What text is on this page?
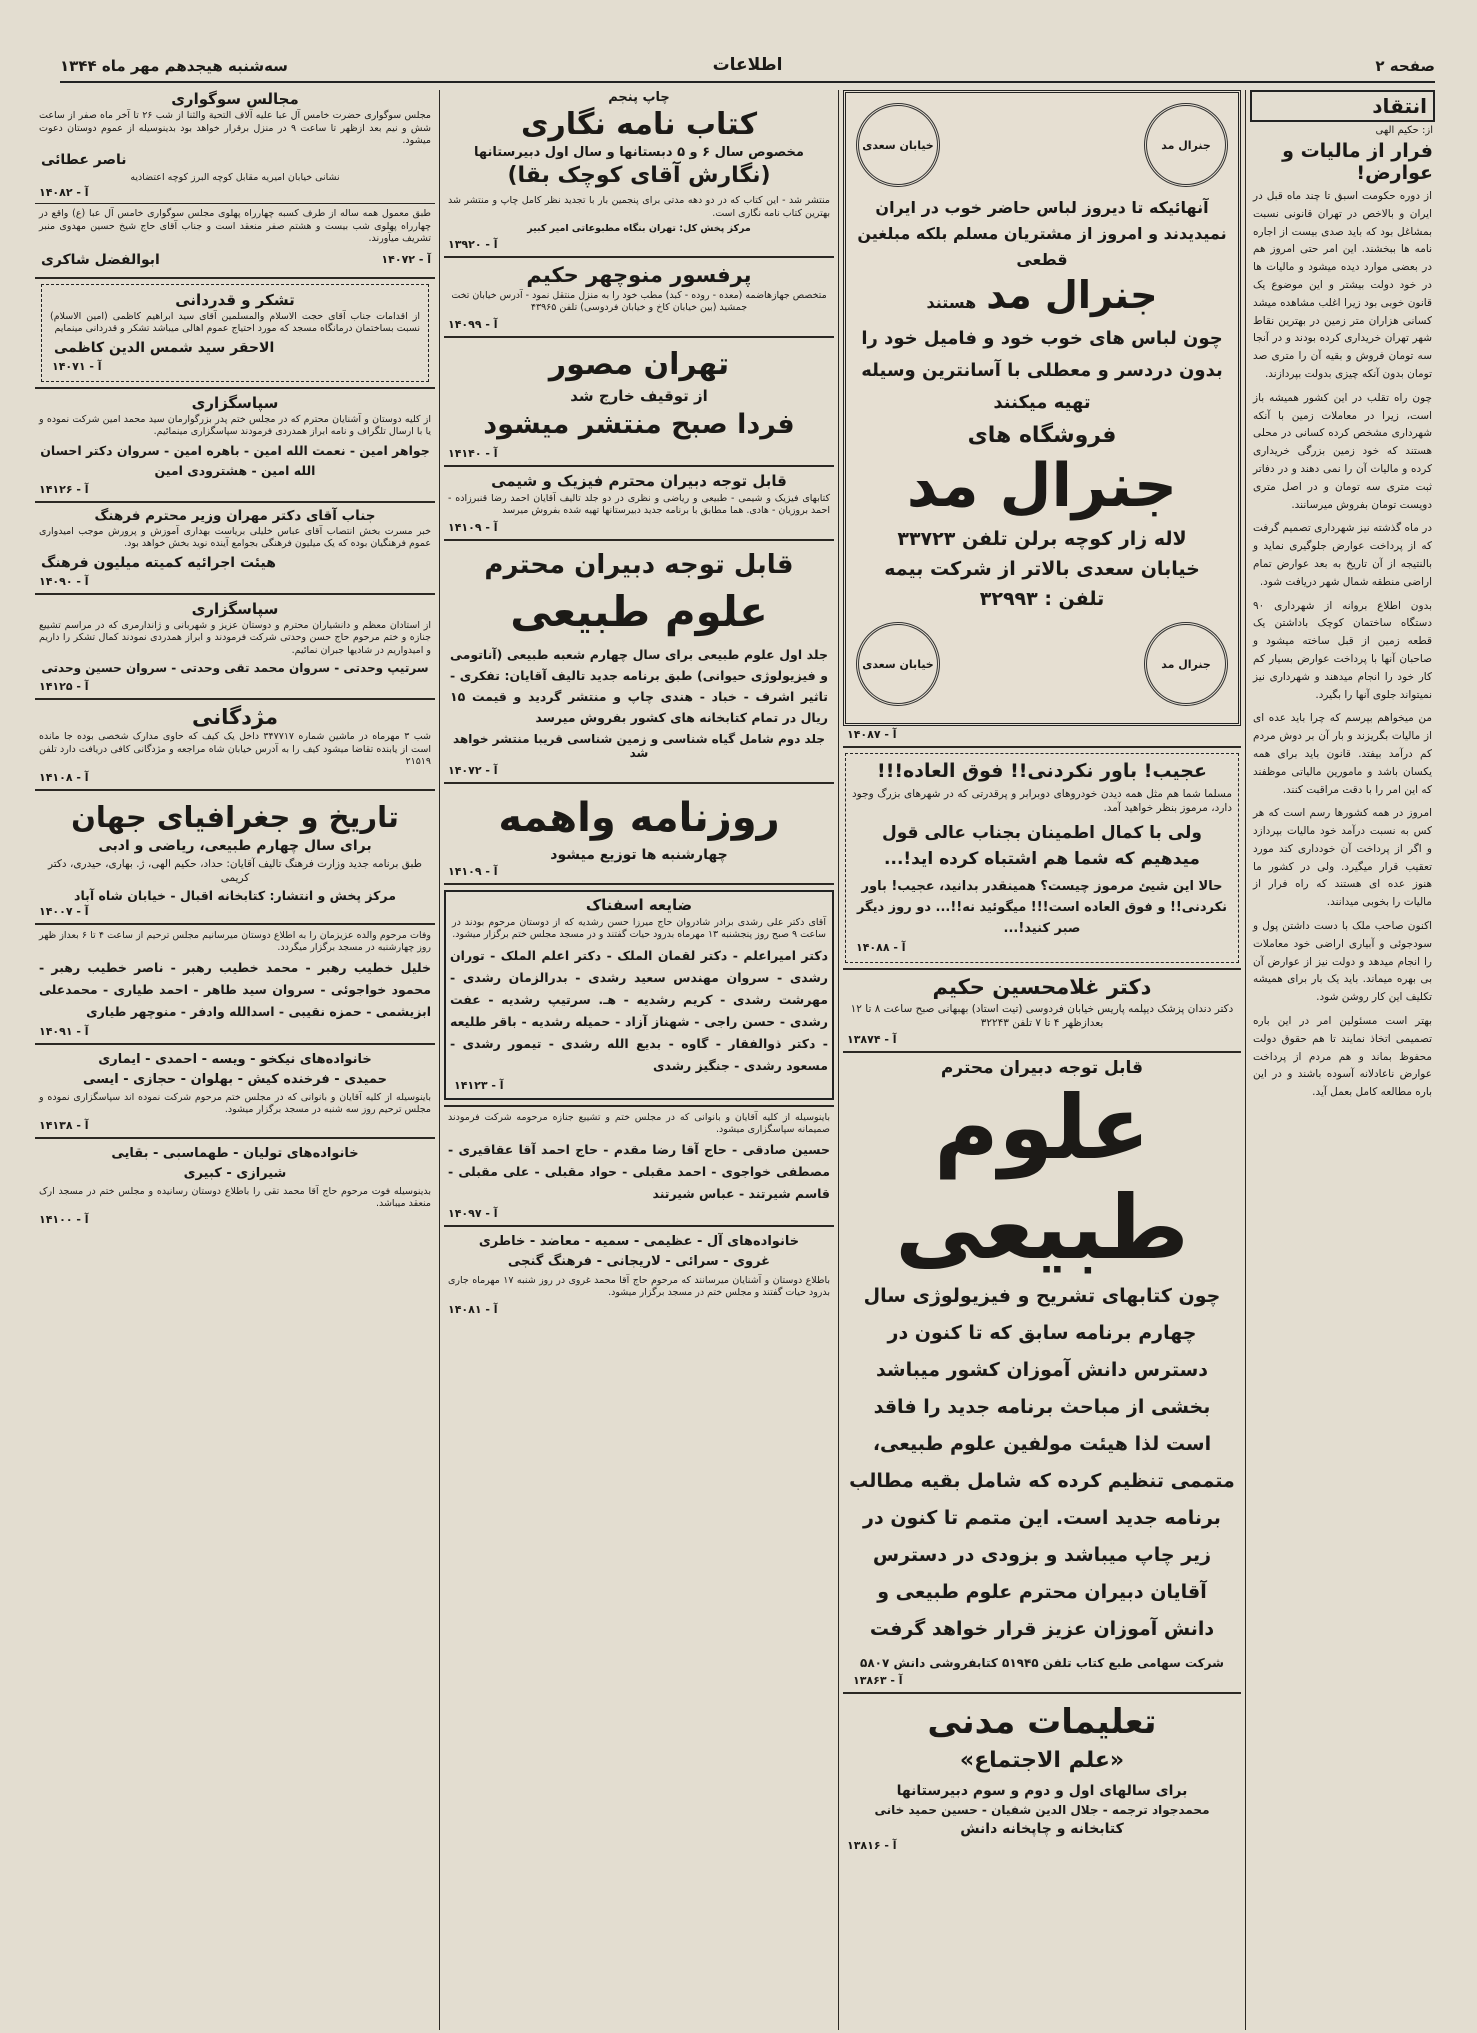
صفحه ۲
اطلاعات
سه‌شنبه هیجدهم مهر ماه ۱۳۴۴
انتقاد
از: حکیم الهی
فرار از مالیات و عوارض!

از دوره حکومت اسبق تا چند ماه قبل در ایران و بالاخص در تهران قانونی نسبت بمشاغل بود که باید صدی بیست از اجاره نامه ها ببخشند. این امر حتی امروز هم در بعضی موارد دیده میشود و مالیات ها در خود دولت بیشتر و این موضوع یک قانون خوبی بود زیرا اغلب مشاهده میشد کسانی هزاران متر زمین در بهترین نقاط شهر تهران خریداری کرده بودند و در آنجا سه تومان فروش و بقیه آن را متری صد تومان بدون آنکه چیزی بدولت بپردازند.

چون راه تقلب در این کشور همیشه باز است، زیرا در معاملات زمین با آنکه شهرداری مشخص کرده کسانی در محلی هستند که خود زمین بزرگی خریداری کرده و مالیات آن را نمی دهند و در دفاتر ثبت متری سه تومان و در اصل متری دویست تومان بفروش میرسانند.

در ماه گذشته نیز شهرداری تصمیم گرفت که از پرداخت عوارض جلوگیری نماید و بالنتیجه از آن تاریخ به بعد عوارض تمام اراضی منطقه شمال شهر دریافت شود.

بدون اطلاع بروانه از شهرداری ۹۰ دستگاه ساختمان کوچک باداشتن یک قطعه زمین از قبل ساخته میشود و صاحبان آنها با پرداخت عوارض بسیار کم کار خود را انجام میدهند و شهرداری نیز نمیتواند جلوی آنها را بگیرد.

من میخواهم بپرسم که چرا باید عده ای از مالیات بگریزند و بار آن بر دوش مردم کم درآمد بیفتد. قانون باید برای همه یکسان باشد و مامورین مالیاتی موظفند که این امر را با دقت مراقبت کنند.

امروز در همه کشورها رسم است که هر کس به نسبت درآمد خود مالیات بپردازد و اگر از پرداخت آن خودداری کند مورد تعقیب قرار میگیرد. ولی در کشور ما هنوز عده ای هستند که راه فرار از مالیات را بخوبی میدانند.

اکنون صاحب ملک با دست داشتن پول و سودجوئی و آبیاری اراضی خود معاملات را انجام میدهد و دولت نیز از عوارض آن بی بهره میماند. باید یک بار برای همیشه تکلیف این کار روشن شود.

بهتر است مسئولین امر در این باره تصمیمی اتخاذ نمایند تا هم حقوق دولت محفوظ بماند و هم مردم از پرداخت عوارض ناعادلانه آسوده باشند و در این باره مطالعه کامل بعمل آید.

جنرال مد
خیابان سعدی
آنهائیکه تا دیروز لباس حاضر خوب در ایران نمیدیدند و امروز از مشتریان مسلم بلکه مبلغین قطعی
جنرال مد
هستند
چون لباس های خوب خود و فامیل خود را بدون دردسر و معطلی با آسانترین وسیله تهیه میکنند
فروشگاه های
جنرال مد
لاله زار کوچه برلن تلفن ۳۳۷۲۳
خیابان سعدی بالاتر از شرکت بیمه
تلفن : ۳۲۹۹۳
جنرال مد
خیابان سعدی
آ - ۱۴۰۸۷
عجیب! باور نکردنی!! فوق العاده!!!
مسلما شما هم مثل همه دیدن خودروهای دوبرابر و پرقدرتی که در شهرهای بزرگ وجود دارد، مرموز بنظر خواهید آمد.
ولی با کمال اطمینان بجناب عالی قول میدهیم که شما هم اشتباه کرده اید!...
حالا این شیئ مرموز چیست؟ همینقدر بدانید، عجیب! باور نکردنی!! و فوق العاده است!!! میگوئید نه!!... دو روز دیگر صبر کنید!...
آ - ۱۴۰۸۸
دکتر غلامحسین حکیم
دکتر دندان پزشک دیپلمه پاریس خیابان فردوسی (تیت استاد) بهبهانی صبح ساعت ۸ تا ۱۲ بعدازظهر ۴ تا ۷ تلفن ۳۲۲۴۳
آ - ۱۳۸۷۴
قابل توجه دبیران محترم
علوم طبیعی
چون کتابهای تشریح و فیزیولوژی سال چهارم برنامه سابق که تا کنون در دسترس دانش آموزان کشور میباشد بخشی از مباحث برنامه جدید را فاقد است لذا هیئت مولفین علوم طبیعی، متممی تنظیم کرده که شامل بقیه مطالب برنامه جدید است. این متمم تا کنون در زیر چاپ میباشد و بزودی در دسترس آقایان دبیران محترم علوم طبیعی و دانش آموزان عزیز قرار خواهد گرفت
شرکت سهامی طبع کتاب تلفن ۵۱۹۴۵ کتابفروشی دانش ۵۸۰۷
آ - ۱۳۸۶۳
تعلیمات مدنی
«علم الاجتماع»
برای سالهای اول و دوم و سوم دبیرستانها
محمدجواد ترجمه - جلال الدین شفیان - حسین حمید خانی
کتابخانه و چاپخانه دانش
آ - ۱۳۸۱۶
چاپ پنجم
کتاب نامه نگاری
مخصوص سال ۶ و ۵ دبستانها و سال اول دبیرستانها
(نگارش آقای کوچک بقا)
منتشر شد - این کتاب که در دو دهه مدتی برای پنجمین بار با تجدید نظر کامل چاپ و منتشر شد بهترین کتاب نامه نگاری است.
مرکز پخش کل: تهران بنگاه مطبوعاتی امیر کبیر
آ - ۱۳۹۲۰
پرفسور منوچهر حکیم
متخصص جهازهاضمه (معده - روده - کبد) مطب خود را به منزل منتقل نمود - آدرس خیابان تخت جمشید (بین خیابان کاخ و خیابان فردوسی) تلفن ۴۳۹۶۵
آ - ۱۴۰۹۹
تهران مصور
از توقیف خارج شد
فردا صبح منتشر میشود
آ - ۱۴۱۴۰
قابل توجه دبیران محترم فیزیک و شیمی
کتابهای فیزیک و شیمی - طبیعی و ریاضی و نظری در دو جلد تالیف آقایان احمد رضا قنبرزاده - احمد بروزیان - هادی. هما مطابق با برنامه جدید دبیرستانها تهیه شده بفروش میرسد
آ - ۱۴۱۰۹
قابل توجه دبیران محترم
علوم طبیعی
جلد اول علوم طبیعی برای سال چهارم شعبه طبیعی (آناتومی و فیزیولوژی حیوانی) طبق برنامه جدید تالیف آقایان: تفکری - تاثیر اشرف - خباد - هندی چاپ و منتشر گردید و قیمت ۱۵ ریال در تمام کتابخانه های کشور بفروش میرسد
جلد دوم شامل گیاه شناسی و زمین شناسی قریبا منتشر خواهد شد
آ - ۱۴۰۷۲
روزنامه واهمه
چهارشنبه ها توزیع میشود
آ - ۱۴۱۰۹
ضایعه اسفناک
آقای دکتر علی رشدی برادر شادروان حاج میرزا حسن رشدیه که از دوستان مرحوم بودند در ساعت ۹ صبح روز پنجشنبه ۱۳ مهرماه بدرود حیات گفتند و در مسجد مجلس ختم برگزار میشود.
دکتر امیراعلم - دکتر لقمان الملک - دکتر اعلم الملک - توران رشدی - سروان مهندس سعید رشدی - بدرالزمان رشدی - مهرشت رشدی - کریم رشدیه - هـ. سرتیپ رشدیه - عفت رشدی - حسن راجی - شهناز آزاد - حمیله رشدیه - باقر طلیعه - دکتر ذوالفقار - گاوه - بدیع الله رشدی - تیمور رشدی - مسعود رشدی - جنگیز رشدی
آ - ۱۴۱۲۳
باینوسیله از کلیه آقایان و بانوانی که در مجلس ختم و تشییع جنازه مرحومه شرکت فرمودند صمیمانه سپاسگزاری میشود.
حسین صادقی - حاج آقا رضا مقدم - حاج احمد آقا عقاقیری - مصطفی خواجوی - احمد مقبلی - حواد مقبلی - علی مقبلی - قاسم شیرتند - عباس شیرتند
آ - ۱۴۰۹۷
خانواده‌های آل - عظیمی - سمیه - معاضد - خاطری
غروی - سرائی - لاریجانی - فرهنگ گنجی
باطلاع دوستان و آشنایان میرسانند که مرحوم حاج آقا محمد غروی در روز شنبه ۱۷ مهرماه جاری بدرود حیات گفتند و مجلس ختم در مسجد برگزار میشود.
آ - ۱۴۰۸۱
مجالس سوگواری
مجلس سوگواری حضرت خامس آل عبا علیه آلاف التحیة والثنا از شب ۲۶ تا آخر ماه صفر از ساعت شش و نیم بعد ازظهر تا ساعت ۹ در منزل برقرار خواهد بود بدینوسیله از عموم دوستان دعوت میشود.
ناصر عطائی
نشانی خیابان امیریه مقابل کوچه البرز کوچه اعتضادیه
آ - ۱۴۰۸۲
طبق معمول همه ساله از طرف کسبه چهارراه پهلوی مجلس سوگواری خامس آل عبا (ع) واقع در چهارراه پهلوی شب بیست و هشتم صفر منعقد است و جناب آقای حاج شیخ حسین مهدوی منبر تشریف میآورند.
آ - ۱۴۰۷۲
ابوالفضل شاکری
تشکر و قدردانی
از اقدامات جناب آقای حجت الاسلام والمسلمین آقای سید ابراهیم کاظمی (امین الاسلام) نسبت بساختمان درمانگاه مسجد که مورد احتیاج عموم اهالی میباشد تشکر و قدردانی مینمایم
الاحقر سید شمس الدین کاظمی
آ - ۱۴۰۷۱
سپاسگزاری
از کلیه دوستان و آشنایان محترم که در مجلس ختم پدر بزرگوارمان سید محمد امین شرکت نموده و یا با ارسال تلگراف و نامه ابراز همدردی فرمودند سپاسگزاری مینمائیم.
جواهر امین - نعمت الله امین - باهره امین - سروان دکتر احسان الله امین - هشترودی امین
آ - ۱۴۱۲۶
جناب آقای دکتر مهران وزیر محترم فرهنگ
خبر مسرت بخش انتصاب آقای عباس خلیلی بریاست بهداری آموزش و پرورش موجب امیدواری عموم فرهنگیان بوده که یک میلیون فرهنگی بجوامع آینده نوید بخش خواهد بود.
هیئت اجرائیه کمیته میلیون فرهنگ
آ - ۱۴۰۹۰
سپاسگزاری
از استادان معظم و دانشیاران محترم و دوستان عزیز و شهربانی و ژاندارمری که در مراسم تشییع جنازه و ختم مرحوم حاج حسن وحدتی شرکت فرمودند و ابراز همدردی نمودند کمال تشکر را داریم و امیدواریم در شادیها جبران نمائیم.
سرتیپ وحدتی - سروان محمد تقی وحدتی - سروان حسین وحدتی
آ - ۱۴۱۲۵
مژدگانی
شب ۳ مهرماه در ماشین شماره ۳۴۷۷۱۷ داخل یک کیف که حاوی مدارک شخصی بوده جا مانده است از یابنده تقاضا میشود کیف را به آدرس خیابان شاه مراجعه و مژدگانی کافی دریافت دارد تلفن ۲۱۵۱۹
آ - ۱۴۱۰۸
تاریخ و جغرافیای جهان
برای سال چهارم طبیعی، ریاضی و ادبی
طبق برنامه جدید وزارت فرهنگ تالیف آقایان: حداد، حکیم الهی، ژ. بهاری، حیدری، دکتر کریمی
مرکز پخش و انتشار: کتابخانه اقبال - خیابان شاه آباد
آ - ۱۴۰۰۷
وفات مرحوم والده عزیزمان را به اطلاع دوستان میرسانیم مجلس ترحیم از ساعت ۴ تا ۶ بعداز ظهر روز چهارشنبه در مسجد برگزار میگردد.
خلیل خطیب رهبر - محمد خطیب رهبر - ناصر خطیب رهبر - محمود خواجوئی - سروان سید طاهر - احمد طیاری - محمدعلی ابزیشمی - حمزه نقیبی - اسدالله وادفر - منوچهر طیاری
آ - ۱۴۰۹۱
خانواده‌های نیکخو - ویسه - احمدی - ایماری
حمیدی - فرخنده کیش - بهلوان - حجازی - ایسی
باینوسیله از کلیه آقایان و بانوانی که در مجلس ختم مرحوم شرکت نموده اند سپاسگزاری نموده و مجلس ترحیم روز سه شنبه در مسجد برگزار میشود.
آ - ۱۴۱۳۸
خانواده‌های تولیان - طهماسبی - بقایی
شیرازی - کبیری
بدینوسیله فوت مرحوم حاج آقا محمد تقی را باطلاع دوستان رسانیده و مجلس ختم در مسجد ارک منعقد میباشد.
آ - ۱۴۱۰۰
